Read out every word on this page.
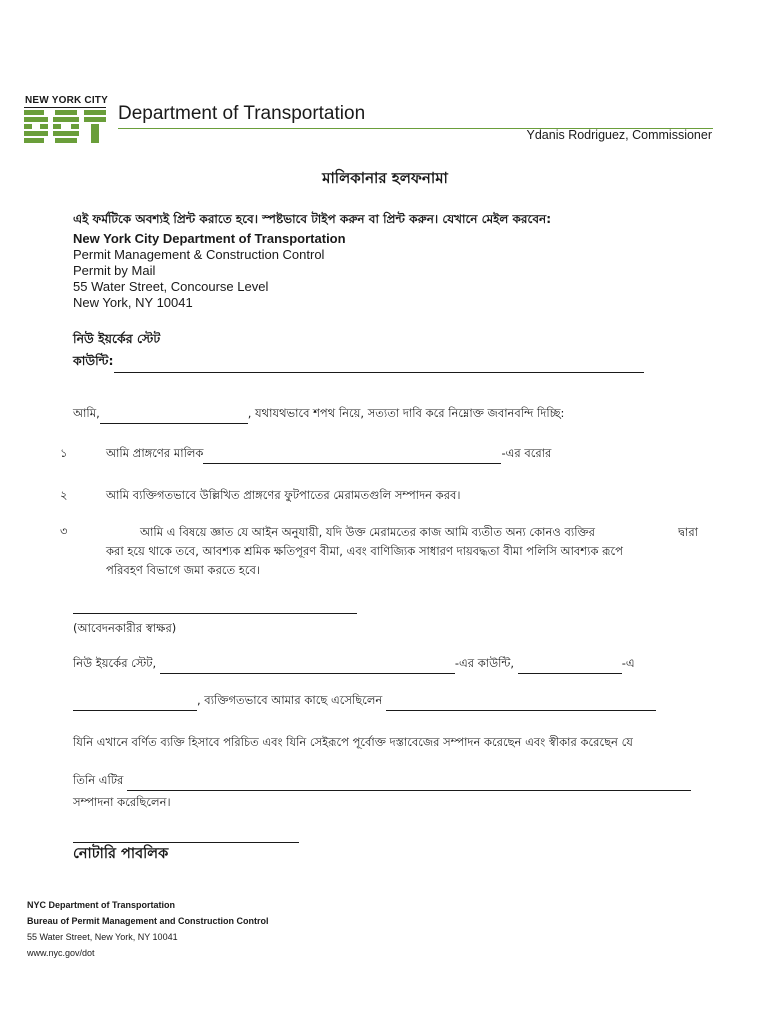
NEW YORK CITY
Department of Transportation
Ydanis Rodriguez, Commissioner
মালিকানার হলফনামা
এই ফর্মটিকে অবশ্যই প্রিন্ট করাতে হবে। স্পষ্টভাবে টাইপ করুন বা প্রিন্ট করুন। যেখানে মেইল করবেন:
New York City Department of Transportation
Permit Management & Construction Control
Permit by Mail
55 Water Street, Concourse Level
New York, NY 10041
নিউ ইয়র্কের স্টেট
কাউন্টি:
আমি,	, যথাযথভাবে শপথ নিয়ে, সত্যতা দাবি করে নিম্নোক্ত জবানবন্দি দিচ্ছি:
১	আমি প্রাঙ্গণের মালিক	-এর বরোর
২	আমি ব্যক্তিগতভাবে উল্লিখিত প্রাঙ্গণের ফুটপাতের মেরামতগুলি সম্পাদন করব।
৩	আমি এ বিষয়ে জ্ঞাত যে আইন অনুযায়ী, যদি উক্ত মেরামতের কাজ আমি ব্যতীত অন্য কোনও ব্যক্তির	দ্বারা
করা হয়ে থাকে তবে, আবশ্যক শ্রমিক ক্ষতিপূরণ বীমা, এবং বাণিজ্যিক সাধারণ দায়বদ্ধতা বীমা পলিসি আবশ্যক রূপে
পরিবহণ বিভাগে জমা করতে হবে।
(আবেদনকারীর স্বাক্ষর)
নিউ ইয়র্কের স্টেট,	-এর কাউন্টি,	-এ
, ব্যক্তিগতভাবে আমার কাছে এসেছিলেন
যিনি এখানে বর্ণিত ব্যক্তি হিসাবে পরিচিত এবং যিনি সেইরূপে পূর্বোক্ত দস্তাবেজের সম্পাদন করেছেন এবং স্বীকার করেছেন যে
তিনি এটির
সম্পাদনা করেছিলেন।
নোটারি পাবলিক
NYC Department of Transportation
Bureau of Permit Management and Construction Control
55 Water Street, New York, NY 10041
www.nyc.gov/dot
